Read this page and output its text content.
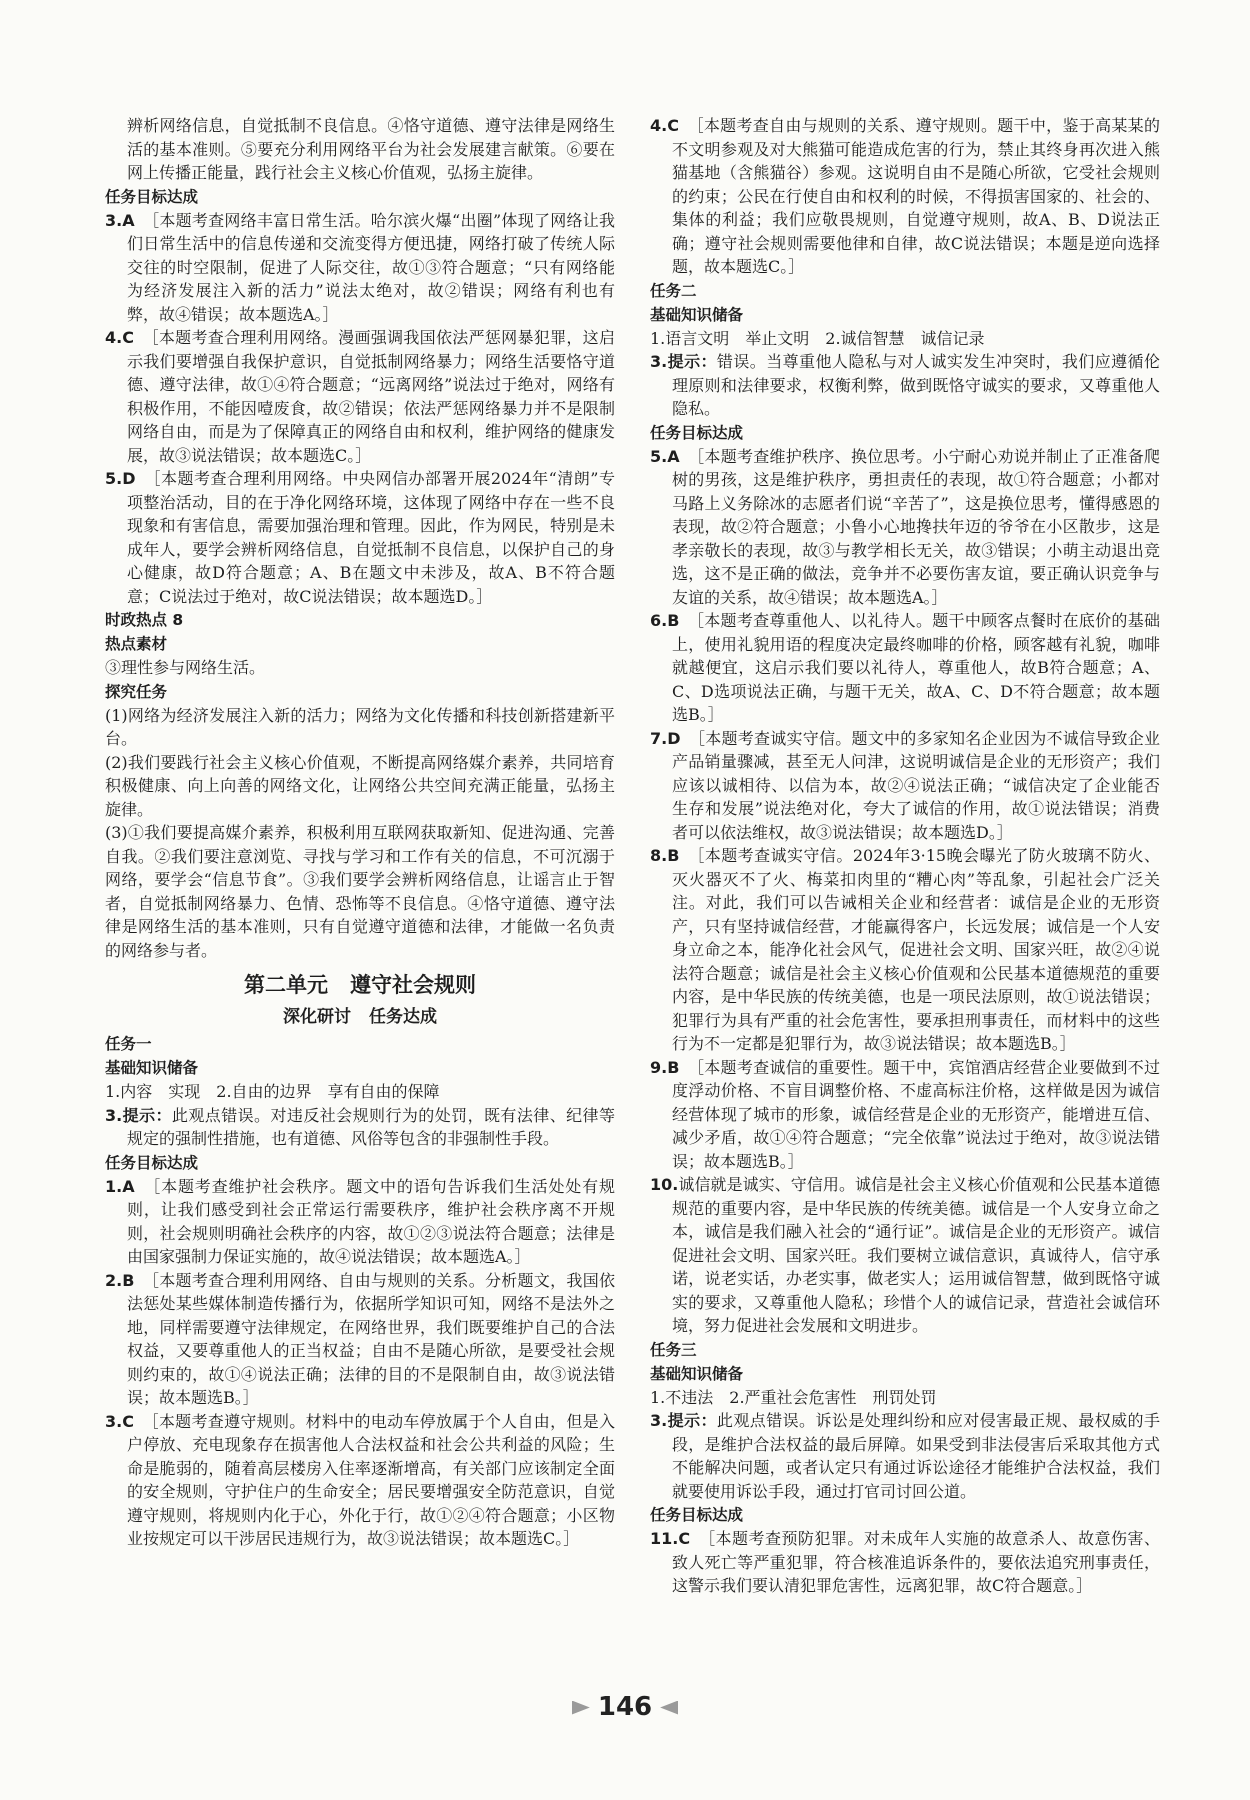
辨析网络信息，自觉抵制不良信息。④恪守道德、遵守法律是网络生活的基本准则。⑤要充分利用网络平台为社会发展建言献策。⑥要在网上传播正能量，践行社会主义核心价值观，弘扬主旋律。

任务目标达成

3.A　 ［本题考查网络丰富日常生活。哈尔滨火爆“出圈”体现了网络让我们日常生活中的信息传递和交流变得方便迅捷，网络打破了传统人际交往的时空限制，促进了人际交往，故①③符合题意；“只有网络能为经济发展注入新的活力”说法太绝对，故②错误；网络有利也有弊，故④错误；故本题选A。］

4.C　 ［本题考查合理利用网络。漫画强调我国依法严惩网暴犯罪，这启示我们要增强自我保护意识，自觉抵制网络暴力；网络生活要恪守道德、遵守法律，故①④符合题意；“远离网络”说法过于绝对，网络有积极作用，不能因噎废食，故②错误；依法严惩网络暴力并不是限制网络自由，而是为了保障真正的网络自由和权利，维护网络的健康发展，故③说法错误；故本题选C。］

5.D　 ［本题考查合理利用网络。中央网信办部署开展2024年“清朗”专项整治活动，目的在于净化网络环境，这体现了网络中存在一些不良现象和有害信息，需要加强治理和管理。因此，作为网民，特别是未成年人，要学会辨析网络信息，自觉抵制不良信息，以保护自己的身心健康，故D符合题意；A、B在题文中未涉及，故A、B不符合题意；C说法过于绝对，故C说法错误；故本题选D。］

时政热点 8
热点素材

③理性参与网络生活。

探究任务

(1)网络为经济发展注入新的活力；网络为文化传播和科技创新搭建新平台。

(2)我们要践行社会主义核心价值观，不断提高网络媒介素养，共同培育积极健康、向上向善的网络文化，让网络公共空间充满正能量，弘扬主旋律。

(3)①我们要提高媒介素养，积极利用互联网获取新知、促进沟通、完善自我。②我们要注意浏览、寻找与学习和工作有关的信息，不可沉溺于网络，要学会“信息节食”。③我们要学会辨析网络信息，让谣言止于智者，自觉抵制网络暴力、色情、恐怖等不良信息。④恪守道德、遵守法律是网络生活的基本准则，只有自觉遵守道德和法律，才能做一名负责的网络参与者。

第二单元 遵守社会规则
深化研讨 任务达成
任务一
基础知识储备

1.内容　实现　2.自由的边界　享有自由的保障

3.提示：此观点错误。对违反社会规则行为的处罚，既有法律、纪律等规定的强制性措施，也有道德、风俗等包含的非强制性手段。

任务目标达成

1.A　 ［本题考查维护社会秩序。题文中的语句告诉我们生活处处有规则，让我们感受到社会正常运行需要秩序，维护社会秩序离不开规则，社会规则明确社会秩序的内容，故①②③说法符合题意；法律是由国家强制力保证实施的，故④说法错误；故本题选A。］

2.B　 ［本题考查合理利用网络、自由与规则的关系。分析题文，我国依法惩处某些媒体制造传播行为，依据所学知识可知，网络不是法外之地，同样需要遵守法律规定，在网络世界，我们既要维护自己的合法权益，又要尊重他人的正当权益；自由不是随心所欲，是要受社会规则约束的，故①④说法正确；法律的目的不是限制自由，故③说法错误；故本题选B。］

3.C　 ［本题考查遵守规则。材料中的电动车停放属于个人自由，但是入户停放、充电现象存在损害他人合法权益和社会公共利益的风险；生命是脆弱的，随着高层楼房入住率逐渐增高，有关部门应该制定全面的安全规则，守护住户的生命安全；居民要增强安全防范意识，自觉遵守规则，将规则内化于心，外化于行，故①②④符合题意；小区物业按规定可以干涉居民违规行为，故③说法错误；故本题选C。］

4.C　 ［本题考查自由与规则的关系、遵守规则。题干中，鉴于高某某的不文明参观及对大熊猫可能造成危害的行为，禁止其终身再次进入熊猫基地（含熊猫谷）参观。这说明自由不是随心所欲，它受社会规则的约束；公民在行使自由和权利的时候，不得损害国家的、社会的、集体的利益；我们应敬畏规则，自觉遵守规则，故A、B、D说法正确；遵守社会规则需要他律和自律，故C说法错误；本题是逆向选择题，故本题选C。］

任务二
基础知识储备

1.语言文明　举止文明　2.诚信智慧　诚信记录

3.提示：错误。当尊重他人隐私与对人诚实发生冲突时，我们应遵循伦理原则和法律要求，权衡利弊，做到既恪守诚实的要求，又尊重他人隐私。

任务目标达成

5.A　 ［本题考查维护秩序、换位思考。小宁耐心劝说并制止了正准备爬树的男孩，这是维护秩序，勇担责任的表现，故①符合题意；小都对马路上义务除冰的志愿者们说“辛苦了”，这是换位思考，懂得感恩的表现，故②符合题意；小鲁小心地搀扶年迈的爷爷在小区散步，这是孝亲敬长的表现，故③与教学相长无关，故③错误；小萌主动退出竞选，这不是正确的做法，竞争并不必要伤害友谊，要正确认识竞争与友谊的关系，故④错误；故本题选A。］

6.B　 ［本题考查尊重他人、以礼待人。题干中顾客点餐时在底价的基础上，使用礼貌用语的程度决定最终咖啡的价格，顾客越有礼貌，咖啡就越便宜，这启示我们要以礼待人，尊重他人，故B符合题意；A、C、D选项说法正确，与题干无关，故A、C、D不符合题意；故本题选B。］

7.D　 ［本题考查诚实守信。题文中的多家知名企业因为不诚信导致企业产品销量骤减，甚至无人问津，这说明诚信是企业的无形资产；我们应该以诚相待、以信为本，故②④说法正确；“诚信决定了企业能否生存和发展”说法绝对化，夸大了诚信的作用，故①说法错误；消费者可以依法维权，故③说法错误；故本题选D。］

8.B　 ［本题考查诚实守信。2024年3·15晚会曝光了防火玻璃不防火、灭火器灭不了火、梅菜扣肉里的“糟心肉”等乱象，引起社会广泛关注。对此，我们可以告诫相关企业和经营者：诚信是企业的无形资产，只有坚持诚信经营，才能赢得客户，长远发展；诚信是一个人安身立命之本，能净化社会风气，促进社会文明、国家兴旺，故②④说法符合题意；诚信是社会主义核心价值观和公民基本道德规范的重要内容，是中华民族的传统美德，也是一项民法原则，故①说法错误；犯罪行为具有严重的社会危害性，要承担刑事责任，而材料中的这些行为不一定都是犯罪行为，故③说法错误；故本题选B。］

9.B　 ［本题考查诚信的重要性。题干中，宾馆酒店经营企业要做到不过度浮动价格、不盲目调整价格、不虚高标注价格，这样做是因为诚信经营体现了城市的形象，诚信经营是企业的无形资产，能增进互信、减少矛盾，故①④符合题意；“完全依靠”说法过于绝对，故③说法错误；故本题选B。］

10.诚信就是诚实、守信用。诚信是社会主义核心价值观和公民基本道德规范的重要内容，是中华民族的传统美德。诚信是一个人安身立命之本，诚信是我们融入社会的“通行证”。诚信是企业的无形资产。诚信促进社会文明、国家兴旺。我们要树立诚信意识，真诚待人，信守承诺，说老实话，办老实事，做老实人；运用诚信智慧，做到既恪守诚实的要求，又尊重他人隐私；珍惜个人的诚信记录，营造社会诚信环境，努力促进社会发展和文明进步。

任务三
基础知识储备

1.不违法　2.严重社会危害性　刑罚处罚

3.提示：此观点错误。诉讼是处理纠纷和应对侵害最正规、最权威的手段，是维护合法权益的最后屏障。如果受到非法侵害后采取其他方式不能解决问题，或者认定只有通过诉讼途径才能维护合法权益，我们就要使用诉讼手段，通过打官司讨回公道。

任务目标达成

11.C　 ［本题考查预防犯罪。对未成年人实施的故意杀人、故意伤害、致人死亡等严重犯罪，符合核准追诉条件的，要依法追究刑事责任，这警示我们要认清犯罪危害性，远离犯罪，故C符合题意。］

146
